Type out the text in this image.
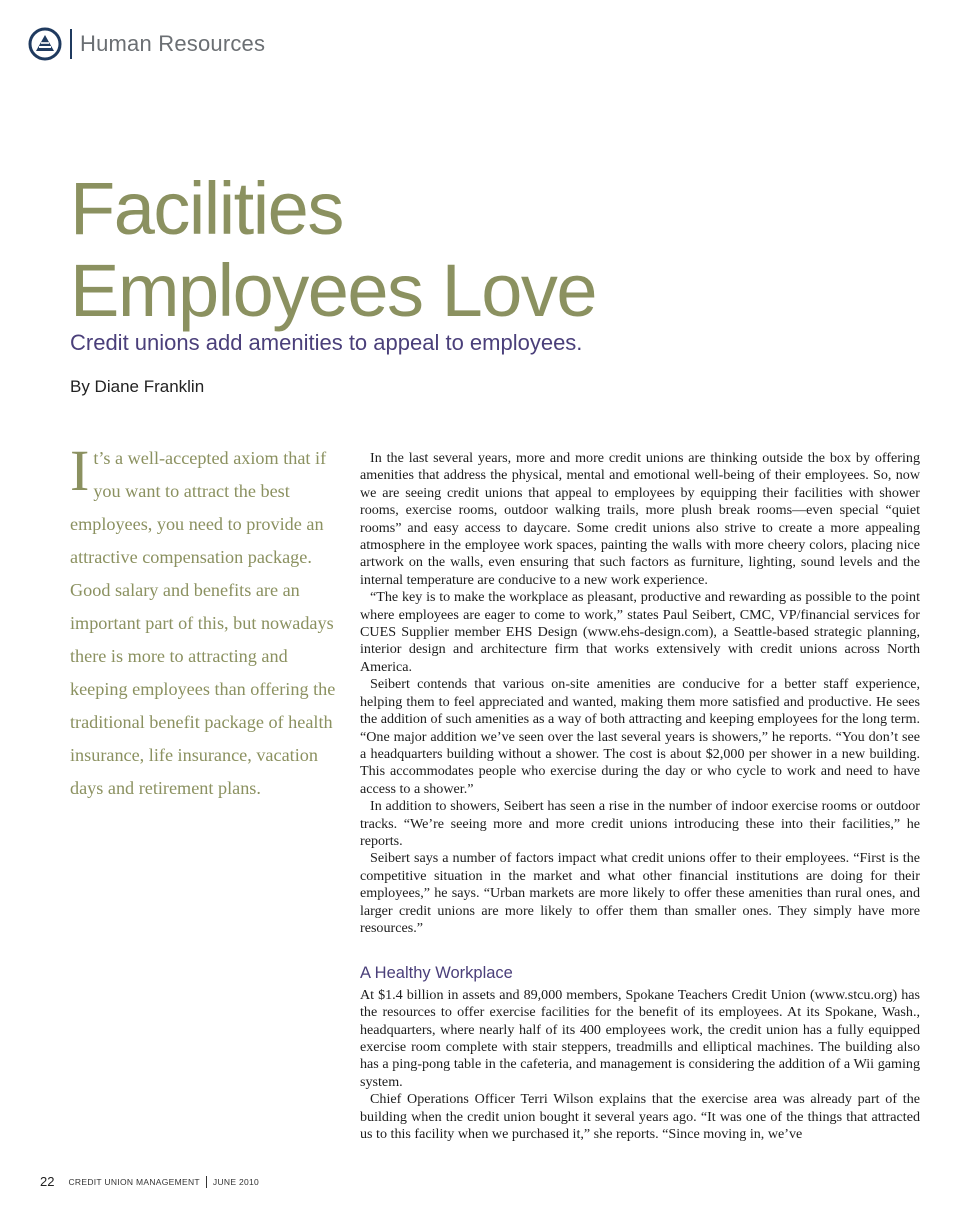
Human Resources
Facilities
Employees Love
Credit unions add amenities to appeal to employees.
By Diane Franklin

I t’s a well-accepted axiom that if you want to attract the best employees, you need to provide an attractive compensation package. Good salary and benefits are an important part of this, but nowadays there is more to attracting and keeping employees than offering the traditional benefit package of health insurance, life insurance, vacation days and retirement plans.

In the last several years, more and more credit unions are thinking outside the box by offering amenities that address the physical, mental and emotional well-being of their employees. So, now we are seeing credit unions that appeal to employees by equipping their facilities with shower rooms, exercise rooms, outdoor walking trails, more plush break rooms—even special “quiet rooms” and easy access to daycare. Some credit unions also strive to create a more appealing atmosphere in the employee work spaces, painting the walls with more cheery colors, placing nice artwork on the walls, even ensuring that such factors as furniture, lighting, sound levels and the internal temperature are conducive to a new work experience.

“The key is to make the workplace as pleasant, productive and rewarding as possible to the point where employees are eager to come to work,” states Paul Seibert, CMC, VP/financial services for CUES Supplier member EHS Design (www.ehs-design.com), a Seattle-based strategic planning, interior design and architecture firm that works extensively with credit unions across North America.

Seibert contends that various on-site amenities are conducive for a better staff experience, helping them to feel appreciated and wanted, making them more satisfied and productive. He sees the addition of such amenities as a way of both attracting and keeping employees for the long term. “One major addition we’ve seen over the last several years is showers,” he reports. “You don’t see a headquarters building without a shower. The cost is about $2,000 per shower in a new building. This accommodates people who exercise during the day or who cycle to work and need to have access to a shower.”

In addition to showers, Seibert has seen a rise in the number of indoor exercise rooms or outdoor tracks. “We’re seeing more and more credit unions introducing these into their facilities,” he reports.

Seibert says a number of factors impact what credit unions offer to their employees. “First is the competitive situation in the market and what other financial institutions are doing for their employees,” he says. “Urban markets are more likely to offer these amenities than rural ones, and larger credit unions are more likely to offer them than smaller ones. They simply have more resources.”

A Healthy Workplace

At $1.4 billion in assets and 89,000 members, Spokane Teachers Credit Union (www.stcu.org) has the resources to offer exercise facilities for the benefit of its employees. At its Spokane, Wash., headquarters, where nearly half of its 400 employees work, the credit union has a fully equipped exercise room complete with stair steppers, treadmills and elliptical machines. The building also has a ping-pong table in the cafeteria, and management is considering the addition of a Wii gaming system.

Chief Operations Officer Terri Wilson explains that the exercise area was already part of the building when the credit union bought it several years ago. “It was one of the things that attracted us to this facility when we purchased it,” she reports. “Since moving in, we’ve

22 CREDIT UNION MANAGEMENT JUNE 2010
